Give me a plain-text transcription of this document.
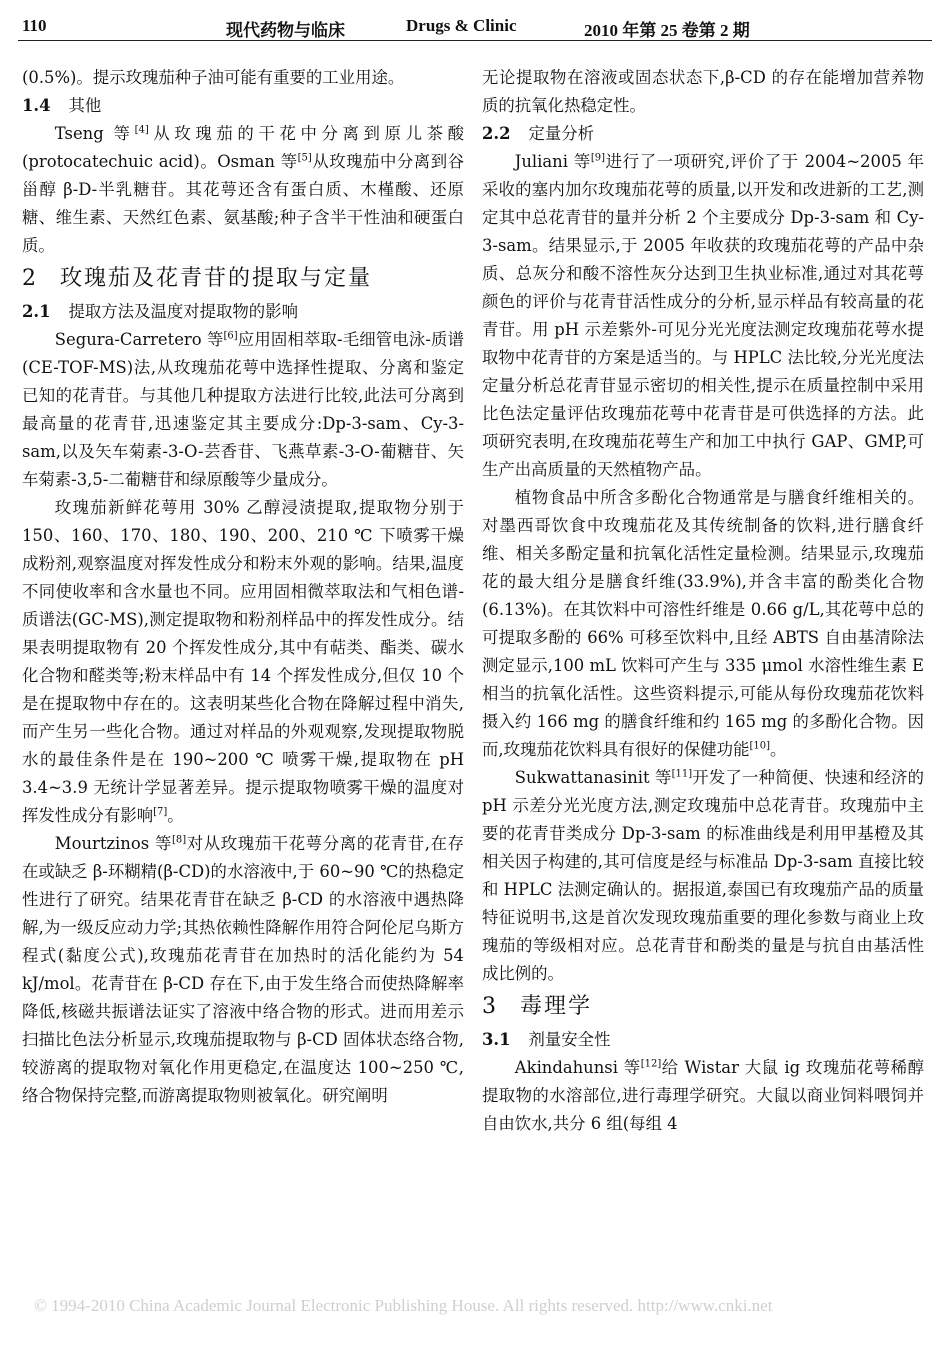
110	现代药物与临床	Drugs & Clinic	2010 年第 25 卷第 2 期

(0.5%)。提示玫瑰茄种子油可能有重要的工业用途。

1.4 其他

Tseng 等[4]从玫瑰茄的干花中分离到原儿茶酸(protocatechuic acid)。Osman 等[5]从玫瑰茄中分离到谷甾醇 β-D-半乳糖苷。其花萼还含有蛋白质、木槿酸、还原糖、维生素、天然红色素、氨基酸;种子含半干性油和硬蛋白质。

2 玫瑰茄及花青苷的提取与定量
2.1 提取方法及温度对提取物的影响

Segura-Carretero 等[6]应用固相萃取-毛细管电泳-质谱(CE-TOF-MS)法,从玫瑰茄花萼中选择性提取、分离和鉴定已知的花青苷。与其他几种提取方法进行比较,此法可分离到最高量的花青苷,迅速鉴定其主要成分:Dp-3-sam、Cy-3-sam,以及矢车菊素-3-O-芸香苷、飞燕草素-3-O-葡糖苷、矢车菊素-3,5-二葡糖苷和绿原酸等少量成分。

玫瑰茄新鲜花萼用 30% 乙醇浸渍提取,提取物分别于 150、160、170、180、190、200、210 ℃ 下喷雾干燥成粉剂,观察温度对挥发性成分和粉末外观的影响。结果,温度不同使收率和含水量也不同。应用固相微萃取法和气相色谱-质谱法(GC-MS),测定提取物和粉剂样品中的挥发性成分。结果表明提取物有 20 个挥发性成分,其中有萜类、酯类、碳水化合物和醛类等;粉末样品中有 14 个挥发性成分,但仅 10 个是在提取物中存在的。这表明某些化合物在降解过程中消失,而产生另一些化合物。通过对样品的外观观察,发现提取物脱水的最佳条件是在 190~200 ℃ 喷雾干燥,提取物在 pH 3.4~3.9 无统计学显著差异。提示提取物喷雾干燥的温度对挥发性成分有影响[7]。

Mourtzinos 等[8]对从玫瑰茄干花萼分离的花青苷,在存在或缺乏 β-环糊精(β-CD)的水溶液中,于 60~90 ℃的热稳定性进行了研究。结果花青苷在缺乏 β-CD 的水溶液中遇热降解,为一级反应动力学;其热依赖性降解作用符合阿伦尼乌斯方程式(黏度公式),玫瑰茄花青苷在加热时的活化能约为 54 kJ/mol。花青苷在 β-CD 存在下,由于发生络合而使热降解率降低,核磁共振谱法证实了溶液中络合物的形式。进而用差示扫描比色法分析显示,玫瑰茄提取物与 β-CD 固体状态络合物,较游离的提取物对氧化作用更稳定,在温度达 100~250 ℃,络合物保持完整,而游离提取物则被氧化。研究阐明

无论提取物在溶液或固态状态下,β-CD 的存在能增加营养物质的抗氧化热稳定性。

2.2 定量分析

Juliani 等[9]进行了一项研究,评价了于 2004~2005 年采收的塞内加尔玫瑰茄花萼的质量,以开发和改进新的工艺,测定其中总花青苷的量并分析 2 个主要成分 Dp-3-sam 和 Cy-3-sam。结果显示,于 2005 年收获的玫瑰茄花萼的产品中杂质、总灰分和酸不溶性灰分达到卫生执业标准,通过对其花萼颜色的评价与花青苷活性成分的分析,显示样品有较高量的花青苷。用 pH 示差紫外-可见分光光度法测定玫瑰茄花萼水提取物中花青苷的方案是适当的。与 HPLC 法比较,分光光度法定量分析总花青苷显示密切的相关性,提示在质量控制中采用比色法定量评估玫瑰茄花萼中花青苷是可供选择的方法。此项研究表明,在玫瑰茄花萼生产和加工中执行 GAP、GMP,可生产出高质量的天然植物产品。

植物食品中所含多酚化合物通常是与膳食纤维相关的。对墨西哥饮食中玫瑰茄花及其传统制备的饮料,进行膳食纤维、相关多酚定量和抗氧化活性定量检测。结果显示,玫瑰茄花的最大组分是膳食纤维(33.9%),并含丰富的酚类化合物(6.13%)。在其饮料中可溶性纤维是 0.66 g/L,其花萼中总的可提取多酚的 66% 可移至饮料中,且经 ABTS 自由基清除法测定显示,100 mL 饮料可产生与 335 μmol 水溶性维生素 E 相当的抗氧化活性。这些资料提示,可能从每份玫瑰茄花饮料摄入约 166 mg 的膳食纤维和约 165 mg 的多酚化合物。因而,玫瑰茄花饮料具有很好的保健功能[10]。

Sukwattanasinit 等[11]开发了一种简便、快速和经济的 pH 示差分光光度方法,测定玫瑰茄中总花青苷。玫瑰茄中主要的花青苷类成分 Dp-3-sam 的标准曲线是利用甲基橙及其相关因子构建的,其可信度是经与标准品 Dp-3-sam 直接比较和 HPLC 法测定确认的。据报道,泰国已有玫瑰茄产品的质量特征说明书,这是首次发现玫瑰茄重要的理化参数与商业上玫瑰茄的等级相对应。总花青苷和酚类的量是与抗自由基活性成比例的。

3 毒理学
3.1 剂量安全性

Akindahunsi 等[12]给 Wistar 大鼠 ig 玫瑰茄花萼稀醇提取物的水溶部位,进行毒理学研究。大鼠以商业饲料喂饲并自由饮水,共分 6 组(每组 4

© 1994-2010 China Academic Journal Electronic Publishing House. All rights reserved. http://www.cnki.net
